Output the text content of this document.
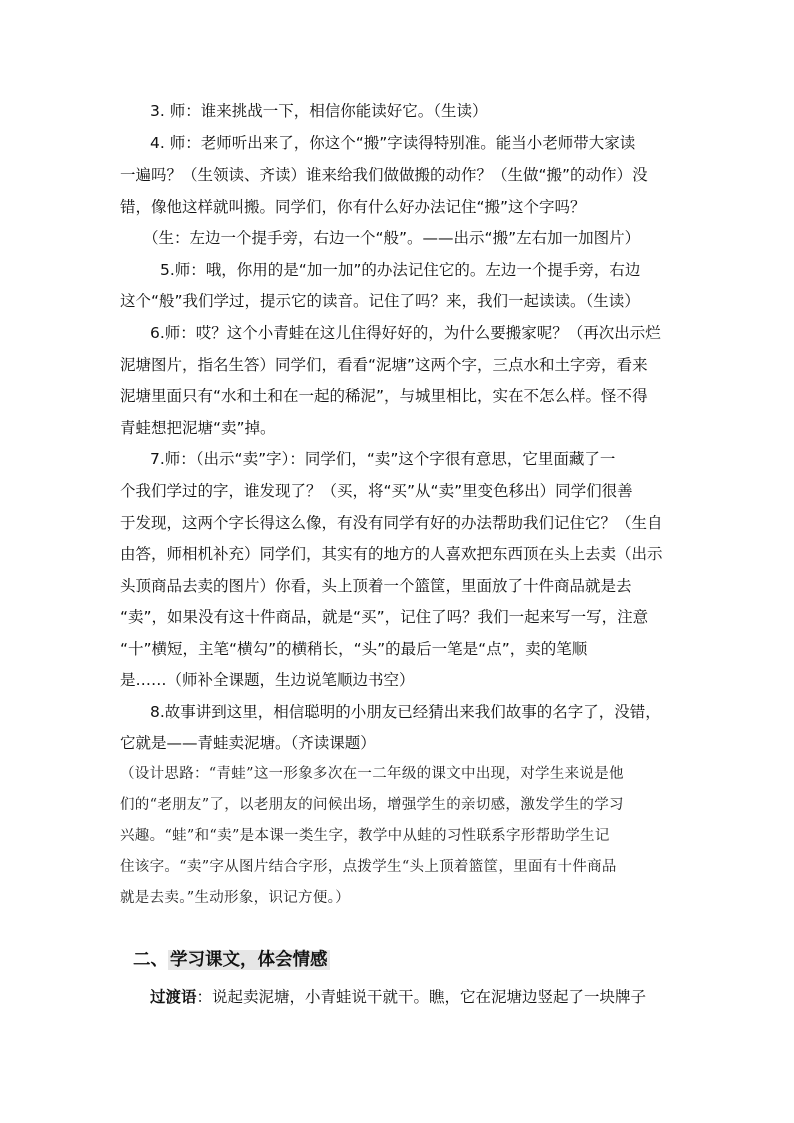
3. 师：谁来挑战一下，相信你能读好它。（生读）

4. 师：老师听出来了，你这个“搬”字读得特别准。能当小老师带大家读

一遍吗？（生领读、齐读）谁来给我们做做搬的动作？（生做“搬”的动作）没

错，像他这样就叫搬。同学们，你有什么好办法记住“搬”这个字吗？

（生：左边一个提手旁，右边一个“般”。——出示“搬”左右加一加图片）

5.师：哦，你用的是“加一加”的办法记住它的。左边一个提手旁，右边

这个“般”我们学过，提示它的读音。记住了吗？来，我们一起读读。（生读）

6.师：哎？这个小青蛙在这儿住得好好的，为什么要搬家呢？（再次出示烂

泥塘图片，指名生答）同学们，看看“泥塘”这两个字，三点水和土字旁，看来

泥塘里面只有“水和土和在一起的稀泥”，与城里相比，实在不怎么样。怪不得

青蛙想把泥塘“卖”掉。

7.师：（出示“卖”字）：同学们，“卖”这个字很有意思，它里面藏了一

个我们学过的字，谁发现了？（买，将“买”从“卖”里变色移出）同学们很善

于发现，这两个字长得这么像，有没有同学有好的办法帮助我们记住它？（生自

由答，师相机补充）同学们，其实有的地方的人喜欢把东西顶在头上去卖（出示

头顶商品去卖的图片）你看，头上顶着一个篮筐，里面放了十件商品就是去

“卖”，如果没有这十件商品，就是“买”，记住了吗？我们一起来写一写，注意

“十”横短，主笔“横勾”的横稍长，“头”的最后一笔是“点”，卖的笔顺

是……（师补全课题，生边说笔顺边书空）

8.故事讲到这里，相信聪明的小朋友已经猜出来我们故事的名字了，没错，

它就是——青蛙卖泥塘。（齐读课题）

（设计思路：“青蛙”这一形象多次在一二年级的课文中出现，对学生来说是他

们的“老朋友”了，以老朋友的问候出场，增强学生的亲切感，激发学生的学习

兴趣。“蛙”和“卖”是本课一类生字，教学中从蛙的习性联系字形帮助学生记

住该字。“卖”字从图片结合字形，点拨学生“头上顶着篮筐，里面有十件商品

就是去卖。”生动形象，识记方便。）

二、 学习课文，体会情感

过渡语：说起卖泥塘，小青蛙说干就干。瞧，它在泥塘边竖起了一块牌子
